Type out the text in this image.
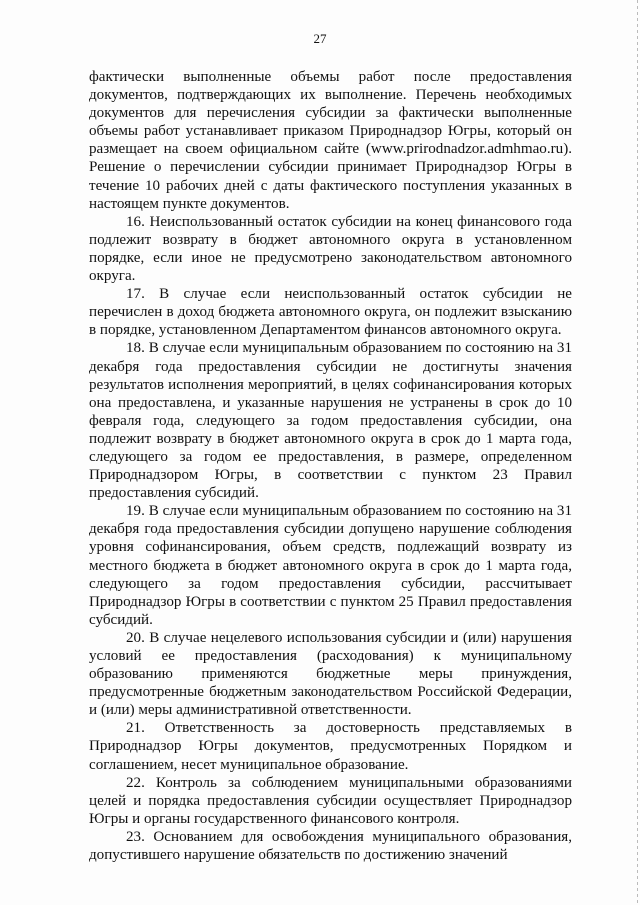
27

фактически выполненные объемы работ после предоставления документов, подтверждающих их выполнение. Перечень необходимых документов для перечисления субсидии за фактически выполненные объемы работ устанавливает приказом Природнадзор Югры, который он размещает на своем официальном сайте (www.prirodnadzor.admhmao.ru). Решение о перечислении субсидии принимает Природнадзор Югры в течение 10 рабочих дней с даты фактического поступления указанных в настоящем пункте документов.

16. Неиспользованный остаток субсидии на конец финансового года подлежит возврату в бюджет автономного округа в установленном порядке, если иное не предусмотрено законодательством автономного округа.

17. В случае если неиспользованный остаток субсидии не перечислен в доход бюджета автономного округа, он подлежит взысканию в порядке, установленном Департаментом финансов автономного округа.

18. В случае если муниципальным образованием по состоянию на 31 декабря года предоставления субсидии не достигнуты значения результатов исполнения мероприятий, в целях софинансирования которых она предоставлена, и указанные нарушения не устранены в срок до 10 февраля года, следующего за годом предоставления субсидии, она подлежит возврату в бюджет автономного округа в срок до 1 марта года, следующего за годом ее предоставления, в размере, определенном Природнадзором Югры, в соответствии с пунктом 23 Правил предоставления субсидий.

19. В случае если муниципальным образованием по состоянию на 31 декабря года предоставления субсидии допущено нарушение соблюдения уровня софинансирования, объем средств, подлежащий возврату из местного бюджета в бюджет автономного округа в срок до 1 марта года, следующего за годом предоставления субсидии, рассчитывает Природнадзор Югры в соответствии с пунктом 25 Правил предоставления субсидий.

20. В случае нецелевого использования субсидии и (или) нарушения условий ее предоставления (расходования) к муниципальному образованию применяются бюджетные меры принуждения, предусмотренные бюджетным законодательством Российской Федерации, и (или) меры административной ответственности.

21. Ответственность за достоверность представляемых в Природнадзор Югры документов, предусмотренных Порядком и соглашением, несет муниципальное образование.

22. Контроль за соблюдением муниципальными образованиями целей и порядка предоставления субсидии осуществляет Природнадзор Югры и органы государственного финансового контроля.

23. Основанием для освобождения муниципального образования, допустившего нарушение обязательств по достижению значений
